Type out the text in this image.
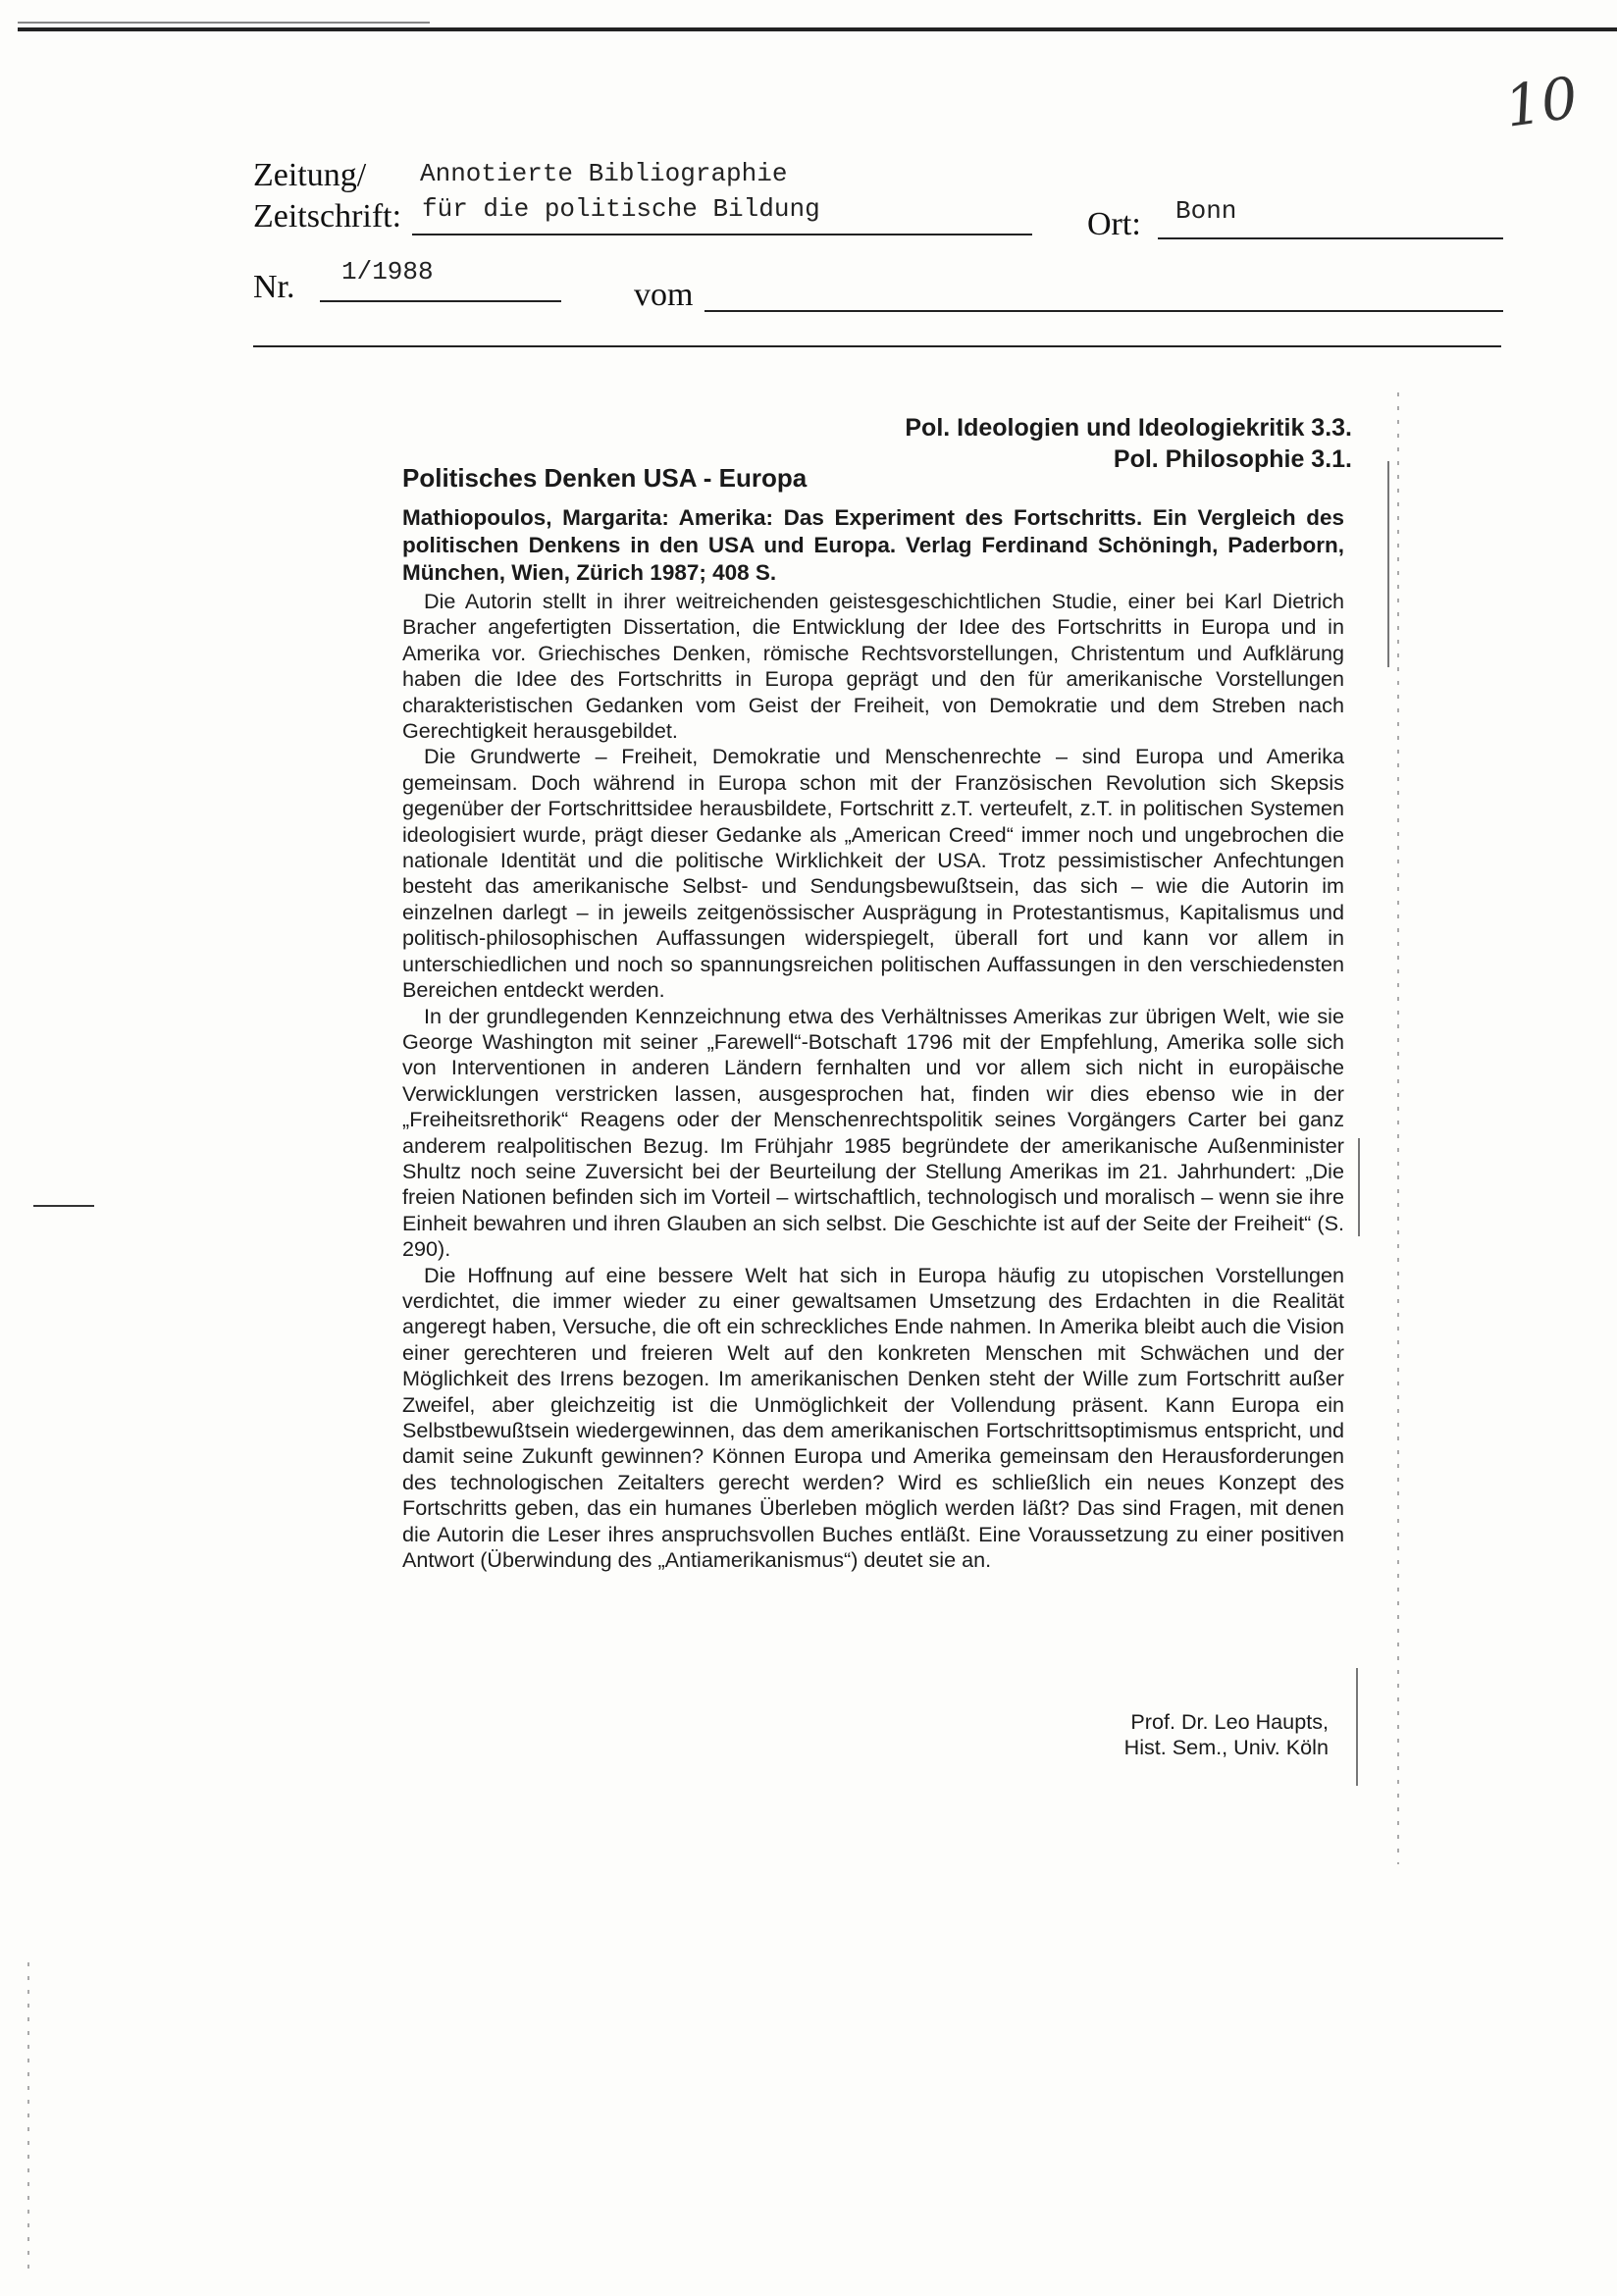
10
Zeitung/
Zeitschrift:
Annotierte Bibliographie
für die politische Bildung	Ort: Bonn
Nr. 1/1988
vom
Pol. Ideologien und Ideologiekritik 3.3.
Pol. Philosophie 3.1.
Politisches Denken USA - Europa
Mathiopoulos, Margarita: Amerika: Das Experiment des Fortschritts. Ein Vergleich des politischen Denkens in den USA und Europa. Verlag Ferdinand Schöningh, Paderborn, München, Wien, Zürich 1987; 408 S.

Die Autorin stellt in ihrer weitreichenden geistesgeschichtlichen Studie, einer bei Karl Dietrich Bracher angefertigten Dissertation, die Entwicklung der Idee des Fortschritts in Europa und in Amerika vor. Griechisches Denken, römische Rechtsvorstellungen, Christentum und Aufklärung haben die Idee des Fortschritts in Europa geprägt und den für amerikanische Vorstellungen charakteristischen Gedanken vom Geist der Freiheit, von Demokratie und dem Streben nach Gerechtigkeit herausgebildet.

Die Grundwerte – Freiheit, Demokratie und Menschenrechte – sind Europa und Amerika gemeinsam. Doch während in Europa schon mit der Französischen Revolution sich Skepsis gegenüber der Fortschrittsidee herausbildete, Fortschritt z.T. verteufelt, z.T. in politischen Systemen ideologisiert wurde, prägt dieser Gedanke als „American Creed“ immer noch und ungebrochen die nationale Identität und die politische Wirklichkeit der USA. Trotz pessimistischer Anfechtungen besteht das amerikanische Selbst- und Sendungsbewußtsein, das sich – wie die Autorin im einzelnen darlegt – in jeweils zeitgenössischer Ausprägung in Protestantismus, Kapitalismus und politisch-philosophischen Auffassungen widerspiegelt, überall fort und kann vor allem in unterschiedlichen und noch so spannungsreichen politischen Auffassungen in den verschiedensten Bereichen entdeckt werden.

In der grundlegenden Kennzeichnung etwa des Verhältnisses Amerikas zur übrigen Welt, wie sie George Washington mit seiner „Farewell“-Botschaft 1796 mit der Empfehlung, Amerika solle sich von Interventionen in anderen Ländern fernhalten und vor allem sich nicht in europäische Verwicklungen verstricken lassen, ausgesprochen hat, finden wir dies ebenso wie in der „Freiheitsrethorik“ Reagens oder der Menschenrechtspolitik seines Vorgängers Carter bei ganz anderem realpolitischen Bezug. Im Frühjahr 1985 begründete der amerikanische Außenminister Shultz noch seine Zuversicht bei der Beurteilung der Stellung Amerikas im 21. Jahrhundert: „Die freien Nationen befinden sich im Vorteil – wirtschaftlich, technologisch und moralisch – wenn sie ihre Einheit bewahren und ihren Glauben an sich selbst. Die Geschichte ist auf der Seite der Freiheit“ (S. 290).

Die Hoffnung auf eine bessere Welt hat sich in Europa häufig zu utopischen Vorstellungen verdichtet, die immer wieder zu einer gewaltsamen Umsetzung des Erdachten in die Realität angeregt haben, Versuche, die oft ein schreckliches Ende nahmen. In Amerika bleibt auch die Vision einer gerechteren und freieren Welt auf den konkreten Menschen mit Schwächen und der Möglichkeit des Irrens bezogen. Im amerikanischen Denken steht der Wille zum Fortschritt außer Zweifel, aber gleichzeitig ist die Unmöglichkeit der Vollendung präsent. Kann Europa ein Selbstbewußtsein wiedergewinnen, das dem amerikanischen Fortschrittsoptimismus entspricht, und damit seine Zukunft gewinnen? Können Europa und Amerika gemeinsam den Herausforderungen des technologischen Zeitalters gerecht werden? Wird es schließlich ein neues Konzept des Fortschritts geben, das ein humanes Überleben möglich werden läßt? Das sind Fragen, mit denen die Autorin die Leser ihres anspruchsvollen Buches entläßt. Eine Voraussetzung zu einer positiven Antwort (Überwindung des „Antiamerikanismus“) deutet sie an.

Prof. Dr. Leo Haupts,
Hist. Sem., Univ. Köln
